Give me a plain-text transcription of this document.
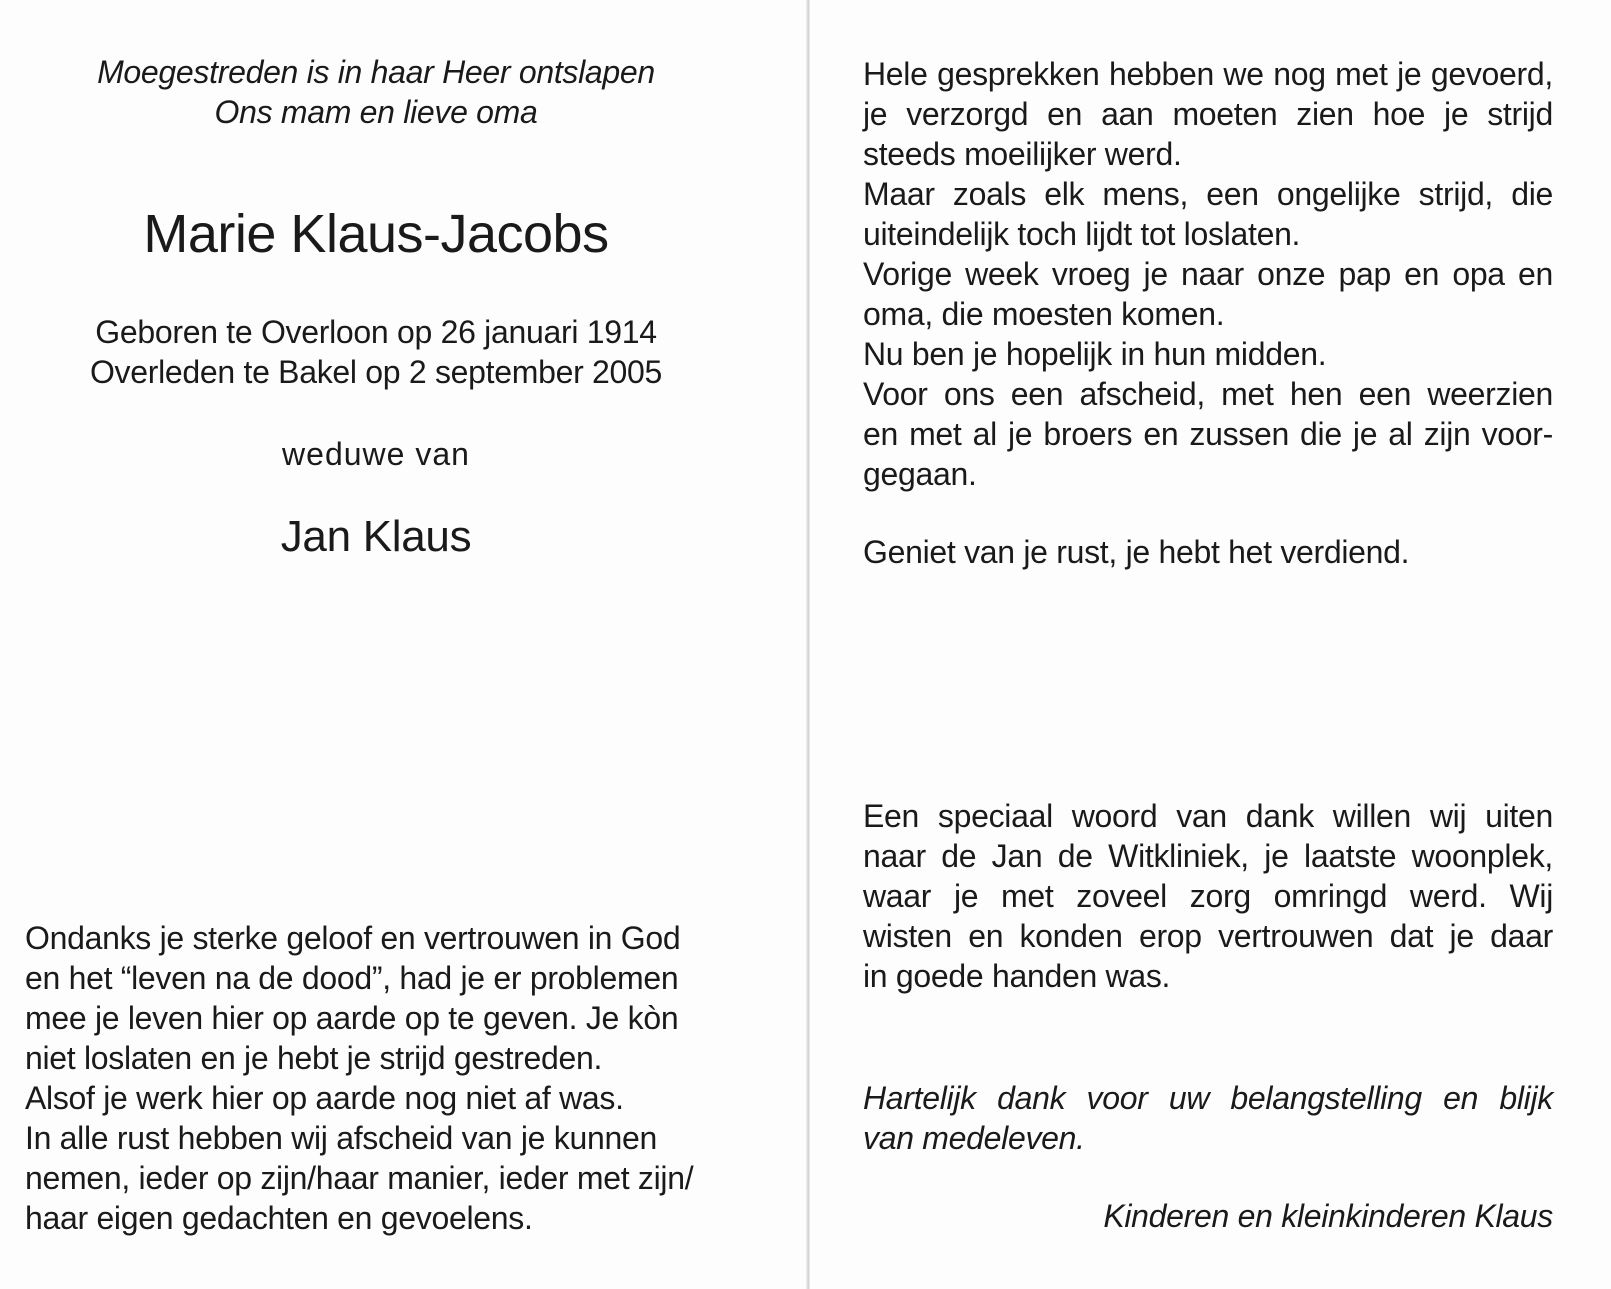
Moegestreden is in haar Heer ontslapen
Ons mam en lieve oma
Marie Klaus-Jacobs
Geboren te Overloon op 26 januari 1914
Overleden te Bakel op 2 september 2005
weduwe van
Jan Klaus
Ondanks je sterke geloof en vertrouwen in God
en het “leven na de dood”, had je er problemen
mee je leven hier op aarde op te geven. Je kòn
niet loslaten en je hebt je strijd gestreden.
Alsof je werk hier op aarde nog niet af was.
In alle rust hebben wij afscheid van je kunnen
nemen, ieder op zijn/haar manier, ieder met zijn/
haar eigen gedachten en gevoelens.
Hele gesprekken hebben we nog met je gevoerd,
je verzorgd en aan moeten zien hoe je strijd
steeds moeilijker werd.
Maar zoals elk mens, een ongelijke strijd, die
uiteindelijk toch lijdt tot loslaten.
Vorige week vroeg je naar onze pap en opa en
oma, die moesten komen.
Nu ben je hopelijk in hun midden.
Voor ons een afscheid, met hen een weerzien
en met al je broers en zussen die je al zijn voor-
gegaan.
Geniet van je rust, je hebt het verdiend.
Een speciaal woord van dank willen wij uiten
naar de Jan de Witkliniek, je laatste woonplek,
waar je met zoveel zorg omringd werd. Wij
wisten en konden erop vertrouwen dat je daar
in goede handen was.
Hartelijk dank voor uw belangstelling en blijk
van medeleven.
Kinderen en kleinkinderen Klaus
